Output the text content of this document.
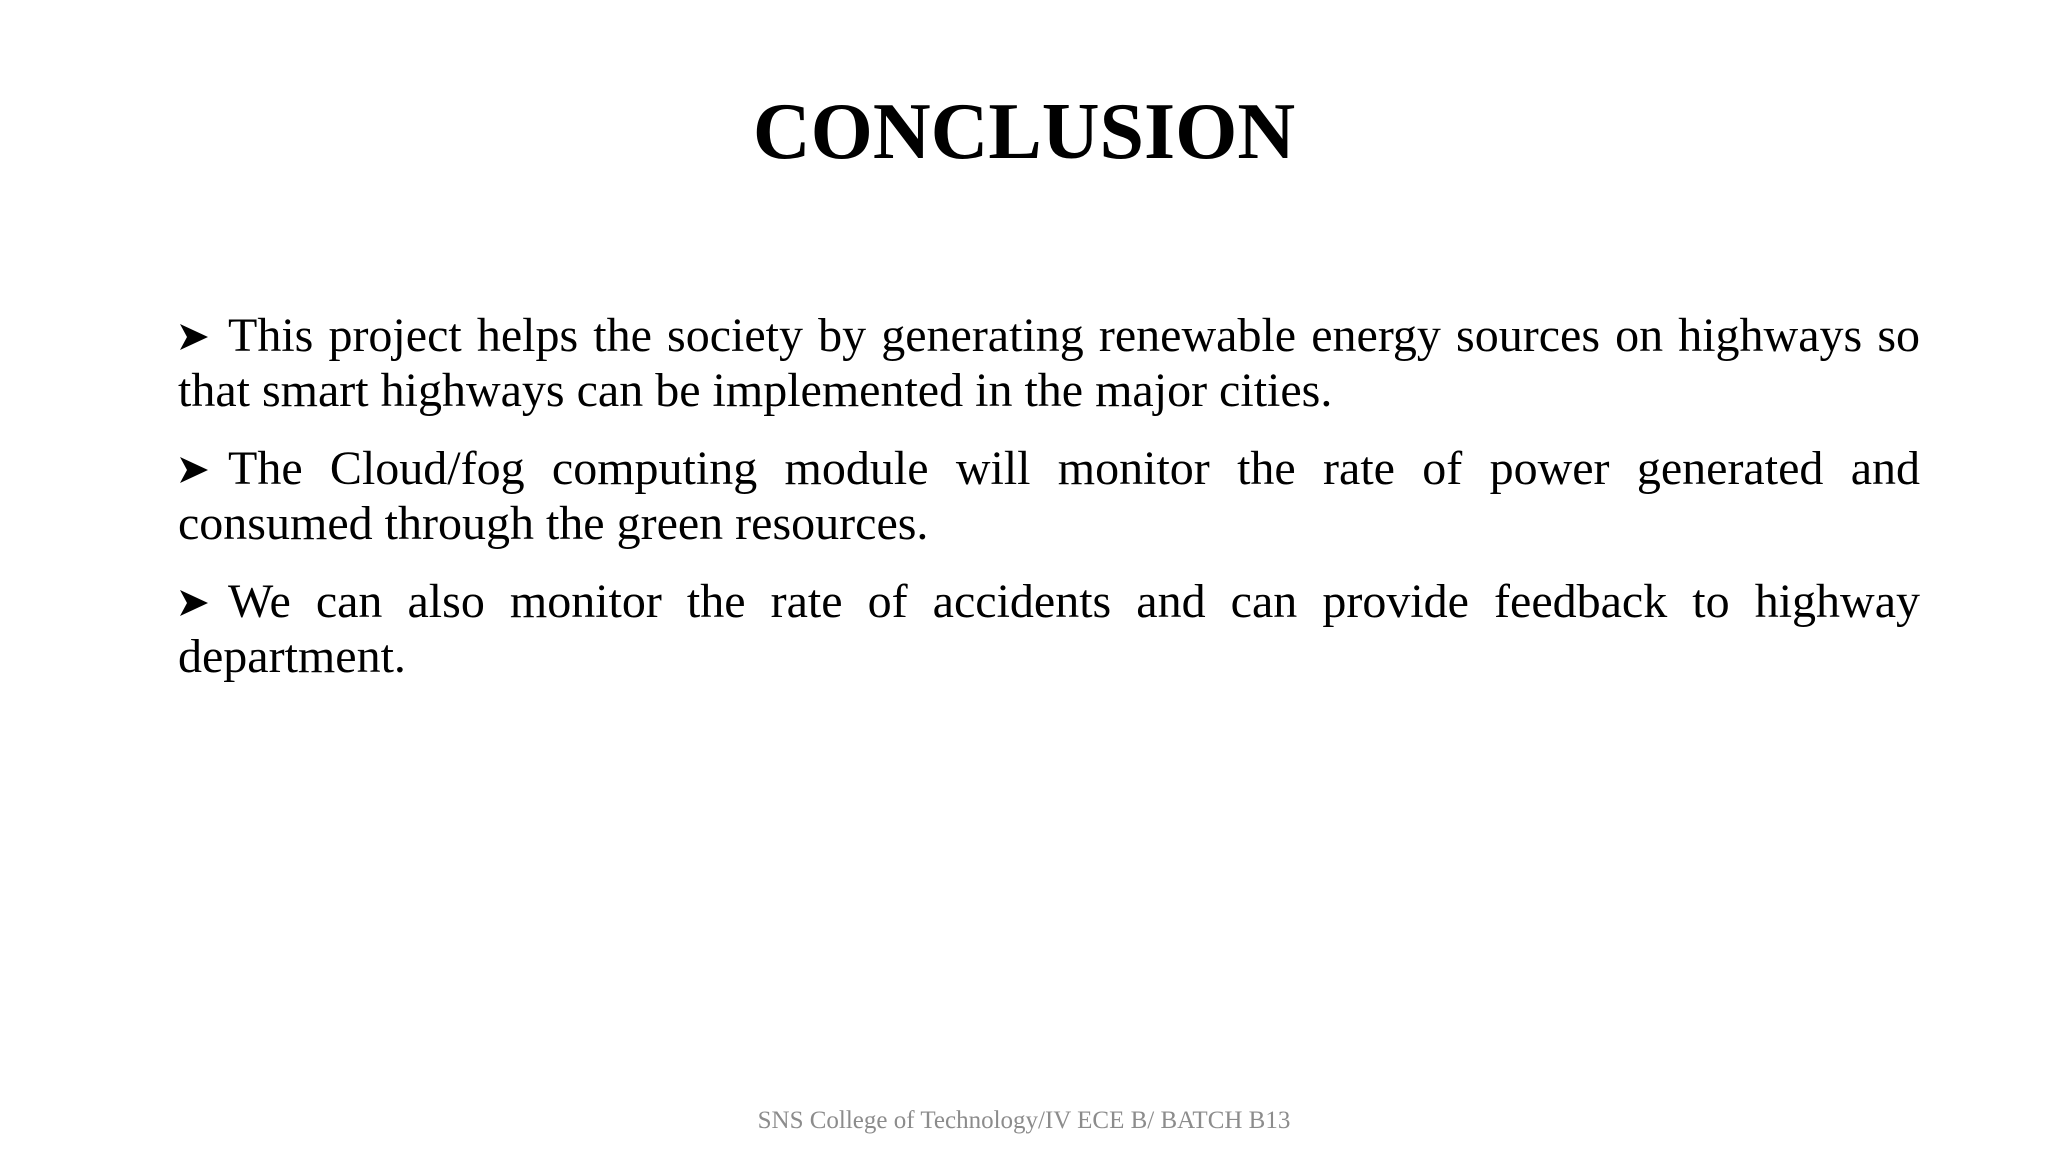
CONCLUSION
This project helps the society by generating renewable energy sources on highways so that smart highways can be implemented in the major cities.
The Cloud/fog computing module will monitor the rate of power generated and consumed through the green resources.
We can also monitor the rate of accidents and can provide feedback to highway department.
SNS College of Technology/IV ECE B/ BATCH B13
